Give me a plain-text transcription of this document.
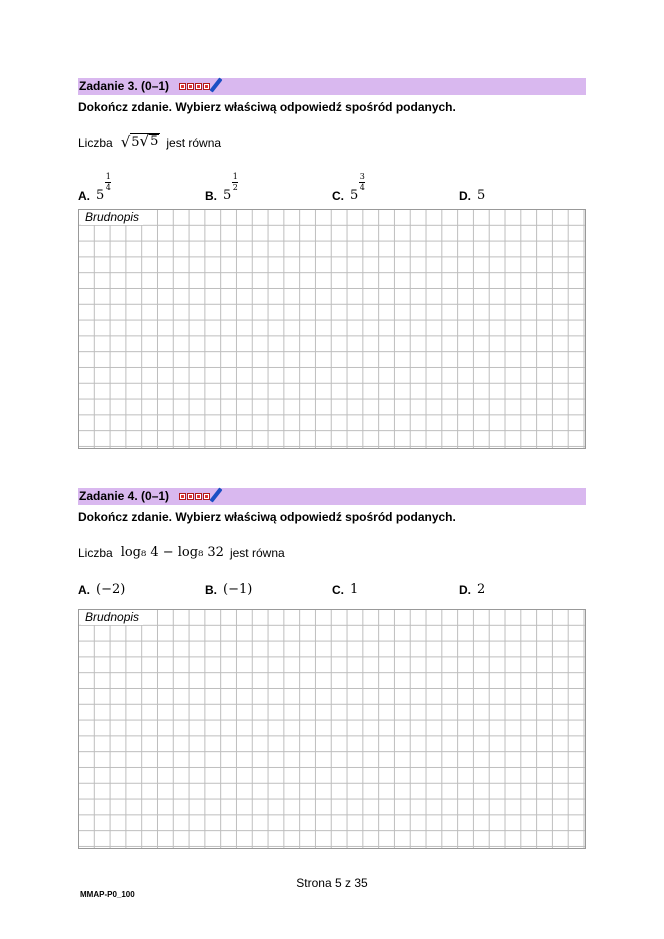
Zadanie 3. (0–1)
Dokończ zdanie. Wybierz właściwą odpowiedź spośród podanych.
Liczba √ 5 √ 5 jest równa
A. 5
$\frac{1}{4}$
B. 5
$\frac{1}{2}$
C. 5
$\frac{3}{4}$
D. 5
Brudnopis
Zadanie 4. (0–1)
Dokończ zdanie. Wybierz właściwą odpowiedź spośród podanych.
Liczba log₈ 4 − log₈ 32 jest równa
A. (−2)	B. (−1)	C. 1	D. 2
Brudnopis
Strona 5 z 35
MMAP-P0_100
